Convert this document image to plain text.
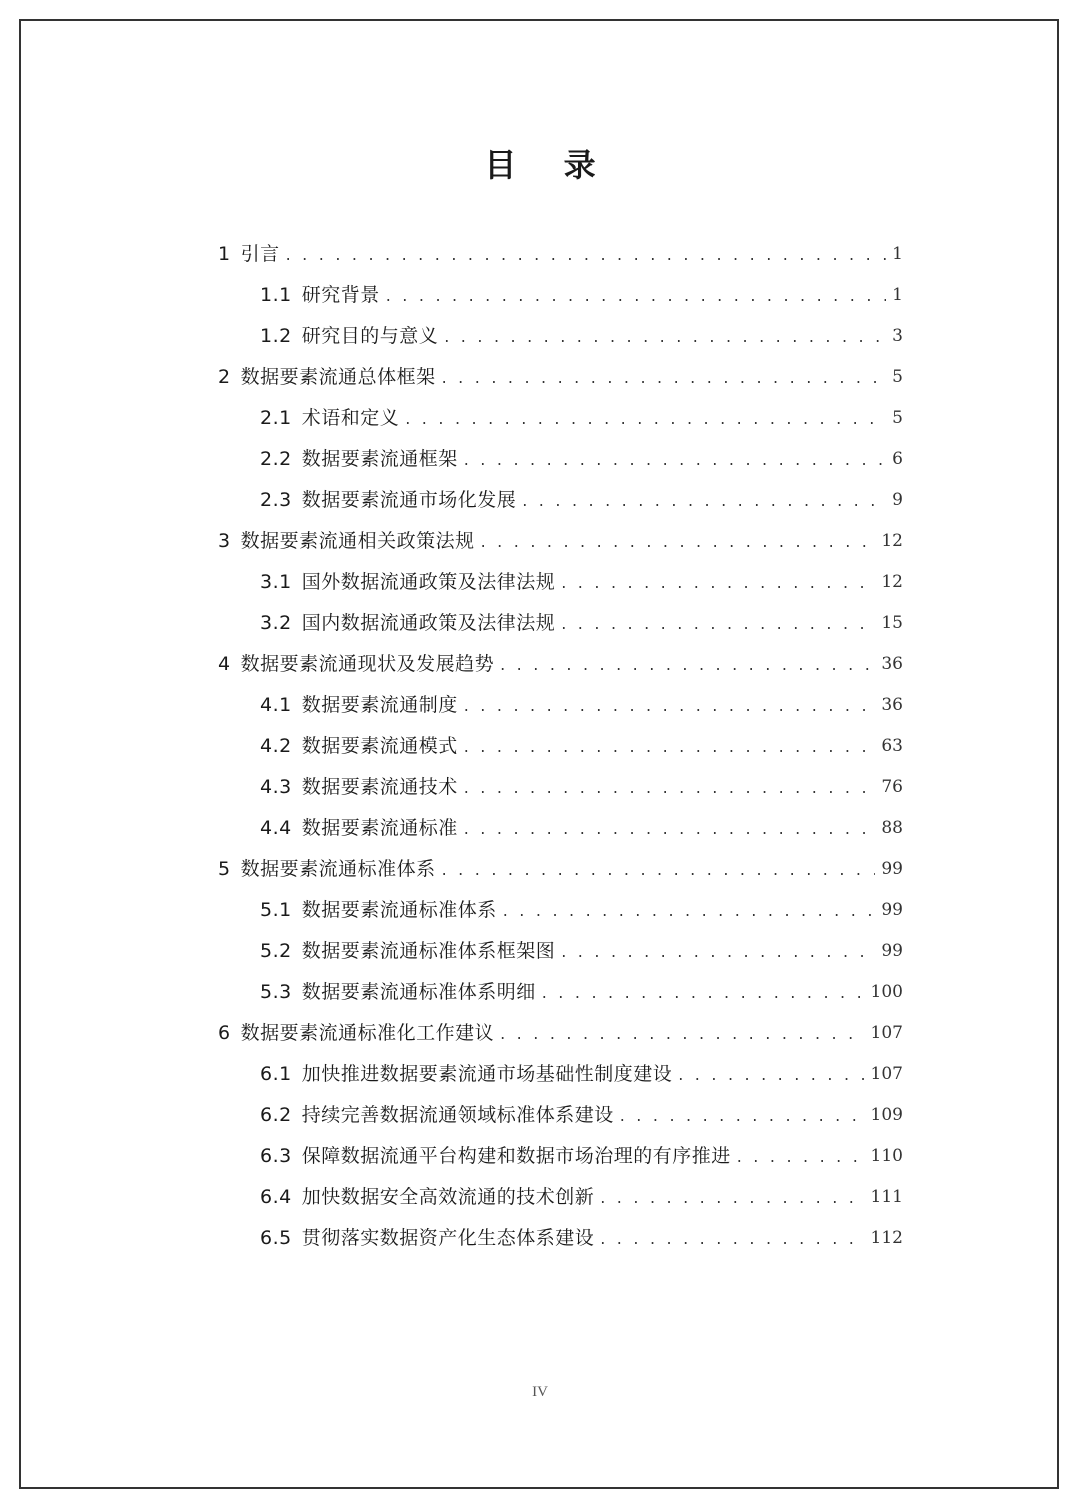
目 录
1 引言 . . .	1
1.1 研究背景 . . .	1
1.2 研究目的与意义 . . .	3
2 数据要素流通总体框架 . . .	5
2.1 术语和定义 . . .	5
2.2 数据要素流通框架 . . .	6
2.3 数据要素流通市场化发展 . . .	9
3 数据要素流通相关政策法规 . . .	12
3.1 国外数据流通政策及法律法规 . . .	12
3.2 国内数据流通政策及法律法规 . . .	15
4 数据要素流通现状及发展趋势 . . .	36
4.1 数据要素流通制度 . . .	36
4.2 数据要素流通模式 . . .	63
4.3 数据要素流通技术 . . .	76
4.4 数据要素流通标准 . . .	88
5 数据要素流通标准体系 . . .	99
5.1 数据要素流通标准体系 . . .	99
5.2 数据要素流通标准体系框架图 . . .	99
5.3 数据要素流通标准体系明细 . . .	100
6 数据要素流通标准化工作建议 . . .	107
6.1 加快推进数据要素流通市场基础性制度建设 . . .	107
6.2 持续完善数据流通领域标准体系建设 . . .	109
6.3 保障数据流通平台构建和数据市场治理的有序推进 . . .	110
6.4 加快数据安全高效流通的技术创新 . . .	111
6.5 贯彻落实数据资产化生态体系建设 . . .	112
IV
